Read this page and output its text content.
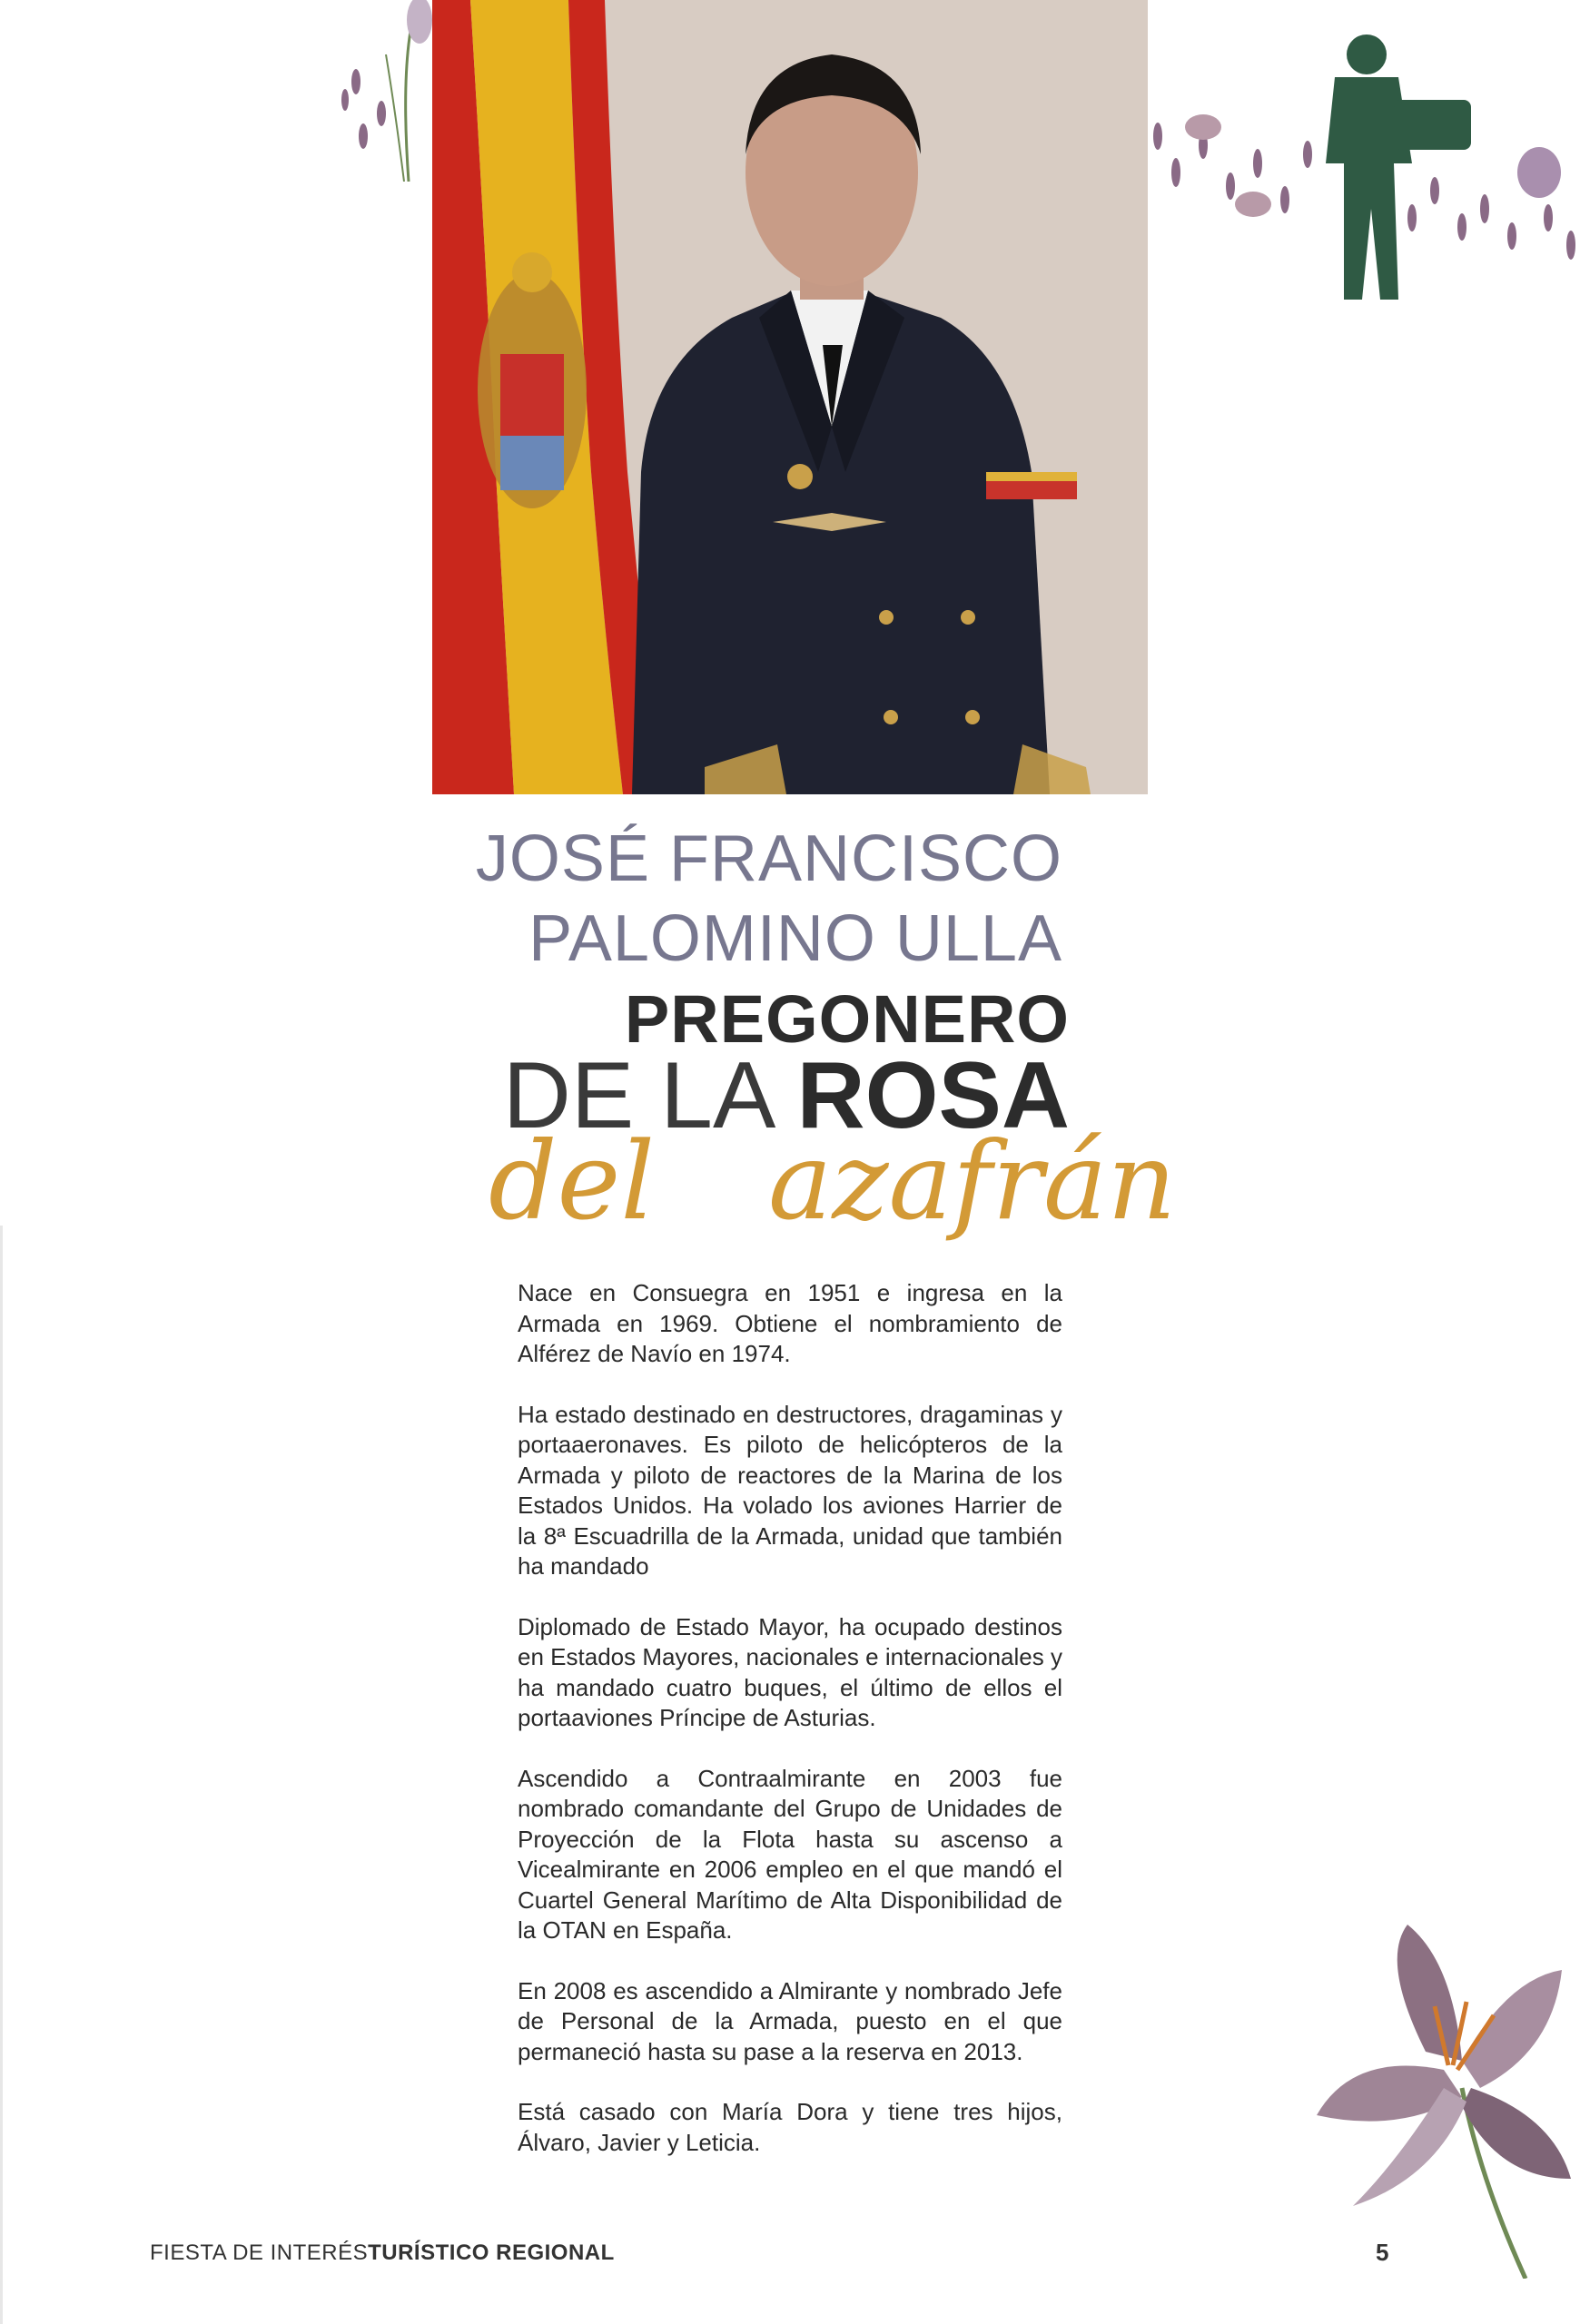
JOSÉ FRANCISCO
PALOMINO ULLA
PREGONERO
DE LA ROSA
del azafrán

Nace en Consuegra en 1951 e ingresa en la Armada en 1969. Obtiene el nombramiento de Alférez de Navío en 1974.

Ha estado destinado en destructores, dragaminas y portaaeronaves. Es piloto de helicópteros de la Armada y piloto de reactores de la Marina de los Estados Unidos. Ha volado los aviones Harrier de la 8ª Escuadrilla de la Armada, unidad que también ha mandado

Diplomado de Estado Mayor, ha ocupado destinos en Estados Mayores, nacionales e internacionales y ha mandado cuatro buques, el último de ellos el portaaviones Príncipe de Asturias.

Ascendido a Contraalmirante en 2003 fue nombrado comandante del Grupo de Unidades de Proyección de la Flota hasta su ascenso a Vicealmirante en 2006 empleo en el que mandó el Cuartel General Marítimo de Alta Disponibilidad de la OTAN en España.

En 2008 es ascendido a Almirante y nombrado Jefe de Personal de la Armada, puesto en el que permaneció hasta su pase a la reserva en 2013.

Está casado con María Dora y tiene tres hijos, Álvaro, Javier y Leticia.

FIESTA DE INTERÉSTURÍSTICO REGIONAL	5
